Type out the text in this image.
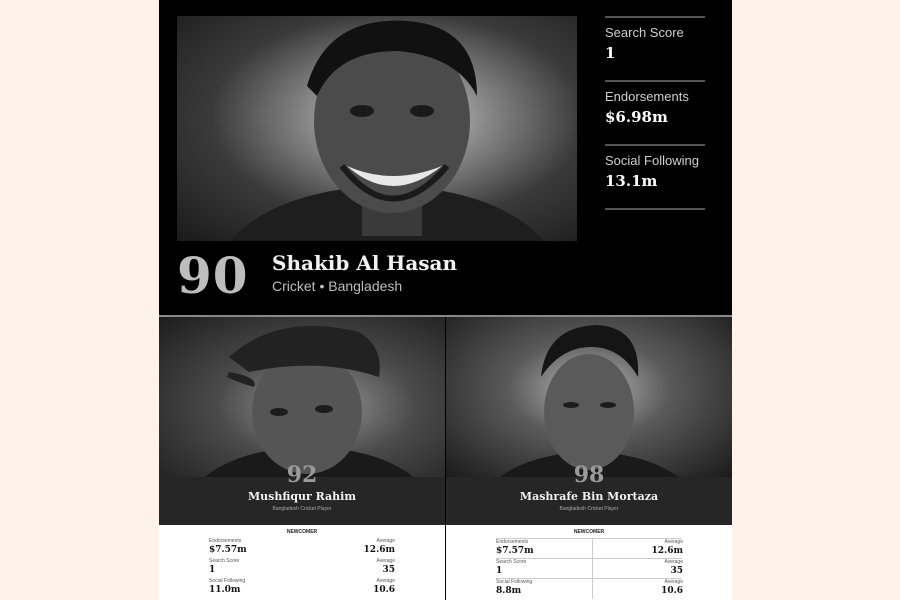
90 Shakib Al Hasan
Cricket • Bangladesh
Search Score
1
Endorsements
$6.98m
Social Following
13.1m
92
Mushfiqur Rahim
Bangladesh Cricket Player
NEWCOMER
Endorsements
$7.57m
Average
12.6m
Search Score
1
Average
35
Social Following
11.0m
Average
10.6
98
Mashrafe Bin Mortaza
Bangladesh Cricket Player
NEWCOMER
Endorsements
$7.57m
Average
12.6m
Search Score
1
Average
35
Social Following
8.8m
Average
10.6
